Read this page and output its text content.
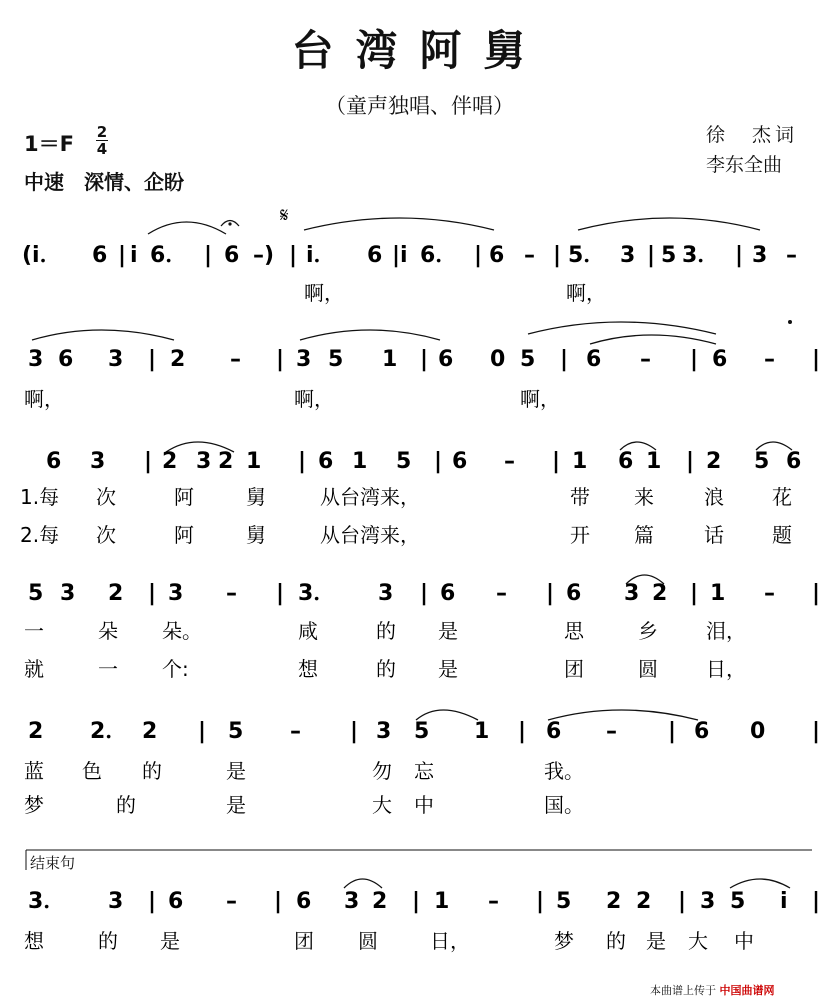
台湾阿舅
（童声独唱、伴唱）
1＝F 2
4
中速　深情、企盼
徐　杰词
李东全曲
𝄋
(i． 6 | i 6． | 6 –) | i． 6 | i 6． | 6 – | 5． 3 | 5 3． | 3 –
啊，	啊，
3 6 3 | 2 – | 3 5 1 | 6 0 5 | 6 – | 6 – |
啊，	啊，	啊，
6 3 | 2 3 2 1 | 6 1 5 | 6 – | 1 6 1 | 2 5 6
1.每 次	阿	舅	从台湾来，	带 来	浪 花
2.每 次	阿	舅	从台湾来，	开 篇	话 题
5 3 2 | 3 – | 3． 3 | 6 – | 6 3 2 | 1 – |
一	朵 朵。	咸	的 是	思	乡 泪，
就	一 个:	想	的 是	团	圆 日，
2 2． 2 | 5 – | 3 5 1 | 6 – | 6 0 |
蓝 色 的	是	勿 忘	我。
梦	的	是	大 中	国。
3． 3 | 6 – | 6 3 2 | 1 – | 5 2 2 | 3 5 i |
想	的 是	团 圆	日，	梦 的 是 大 中
结束句
本曲谱上传于 中国曲谱网
